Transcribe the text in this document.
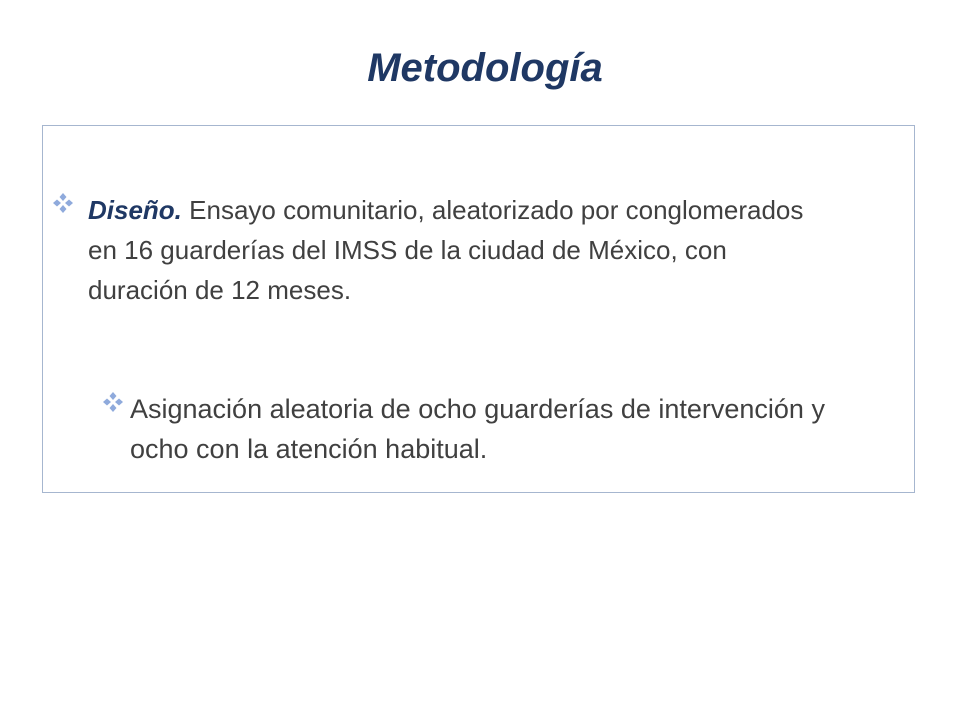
Metodología
Diseño. Ensayo comunitario, aleatorizado por conglomerados en 16 guarderías del IMSS de la ciudad de México, con duración de 12 meses.
Asignación aleatoria de ocho guarderías de intervención y ocho con la atención habitual.
